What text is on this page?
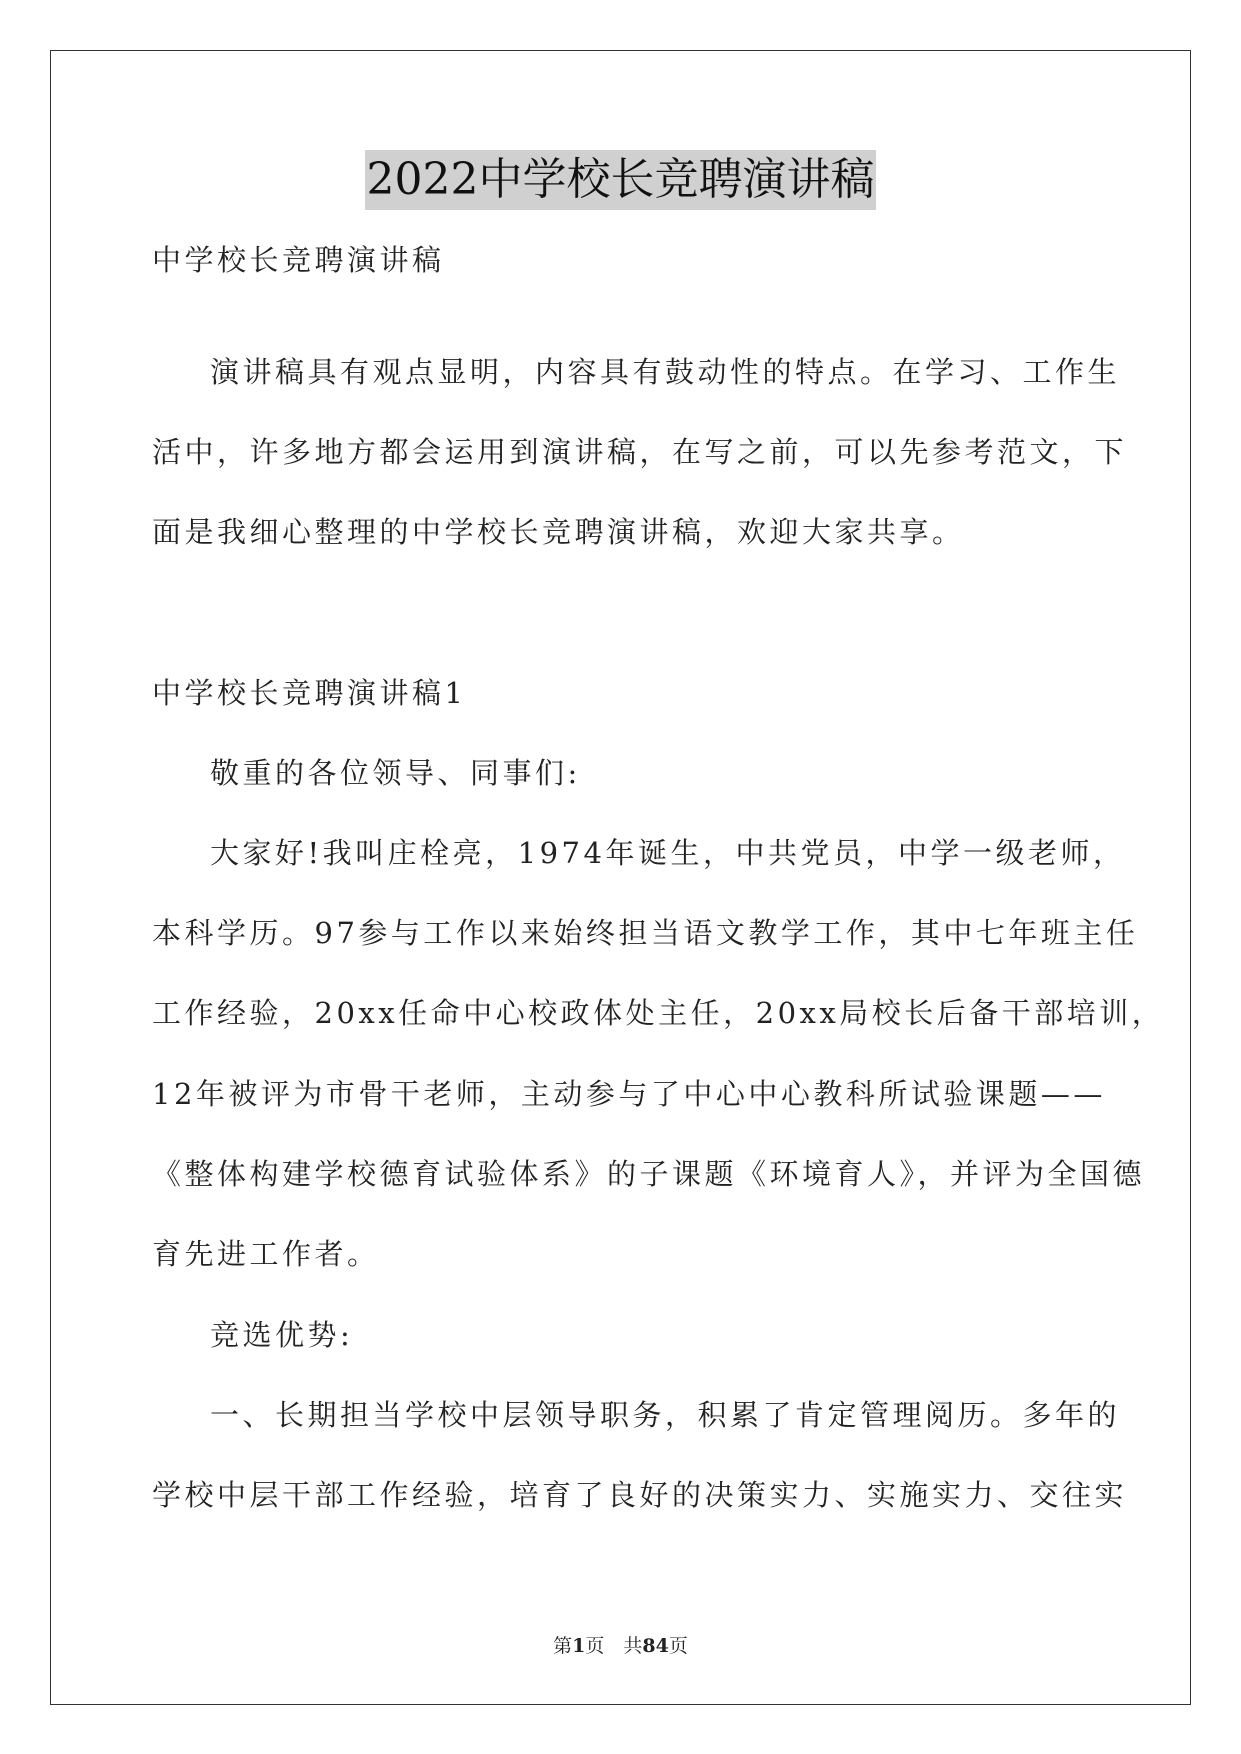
2022中学校长竞聘演讲稿
中学校长竞聘演讲稿
演讲稿具有观点显明，内容具有鼓动性的特点。在学习、工作生
活中，许多地方都会运用到演讲稿，在写之前，可以先参考范文，下
面是我细心整理的中学校长竞聘演讲稿，欢迎大家共享。
中学校长竞聘演讲稿1
敬重的各位领导、同事们:
大家好!我叫庄栓亮，1974年诞生，中共党员，中学一级老师，
本科学历。97参与工作以来始终担当语文教学工作，其中七年班主任
工作经验，20xx任命中心校政体处主任，20xx局校长后备干部培训，
12年被评为市骨干老师，主动参与了中心中心教科所试验课题——
《整体构建学校德育试验体系》的子课题《环境育人》，并评为全国德
育先进工作者。
竞选优势:
一、长期担当学校中层领导职务，积累了肯定管理阅历。多年的
学校中层干部工作经验，培育了良好的决策实力、实施实力、交往实
第1页　共84页
